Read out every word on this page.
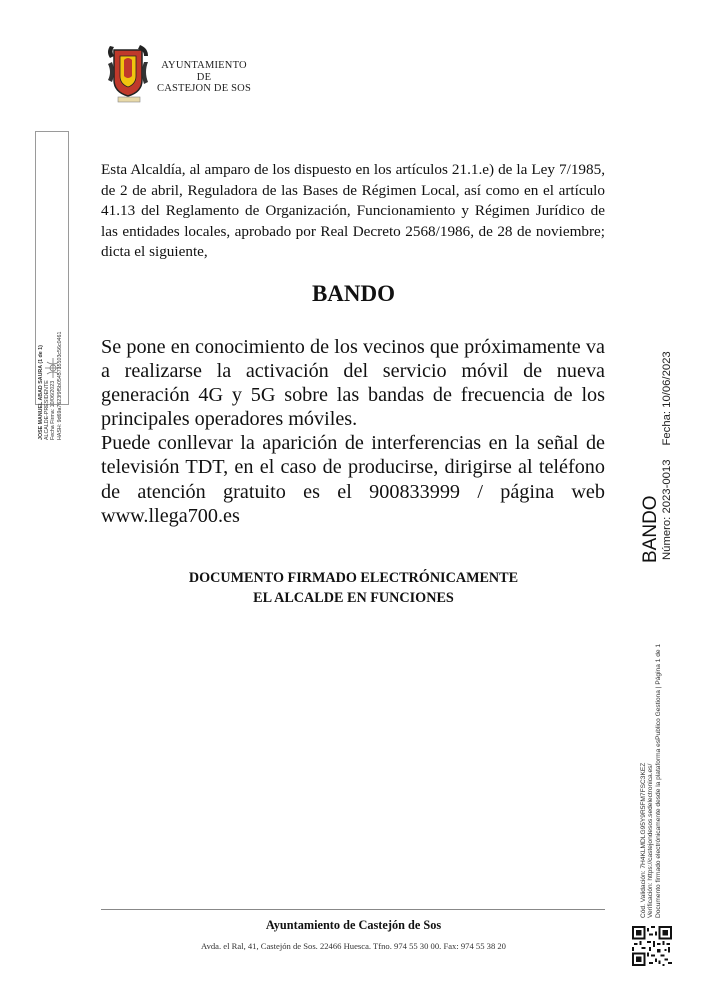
AYUNTAMIENTO
DE
CASTEJON DE SOS
JOSE MANUEL ABAD SAURA (1 de 1) ALCALDE-PRESIDENTE Fecha Firma: 10/06/2023 HASH: 9d69a7623f9f5b0545735103c56c0461
Esta Alcaldía, al amparo de los dispuesto en los artículos 21.1.e) de la Ley 7/1985, de 2 de abril, Reguladora de las Bases de Régimen Local, así como en el artículo 41.13 del Reglamento de Organización, Funcionamiento y Régimen Jurídico de las entidades locales, aprobado por Real Decreto 2568/1986, de 28 de noviembre; dicta el siguiente,
BANDO

Se pone en conocimiento de los vecinos que próximamente va a realizarse la activación del servicio móvil de nueva generación 4G y 5G sobre las bandas de frecuencia de los principales operadores móviles.

Puede conllevar la aparición de interferencias en la señal de televisión TDT, en el caso de producirse, dirigirse al teléfono de atención gratuito es el 900833999 / página web www.llega700.es

DOCUMENTO FIRMADO ELECTRÓNICAMENTE
EL ALCALDE EN FUNCIONES
BANDO Número: 2023-0013Fecha: 10/06/2023
Cód. Validación: 7H4KLMDLG95Y9R5FM7FSC3KEZ Verificación: https://castejondesos.sedelectronica.es/ Documento firmado electrónicamente desde la plataforma esPublico Gestiona | Página 1 de 1
Ayuntamiento de Castejón de Sos
Avda. el Ral, 41, Castejón de Sos. 22466 Huesca. Tfno. 974 55 30 00. Fax: 974 55 38 20
